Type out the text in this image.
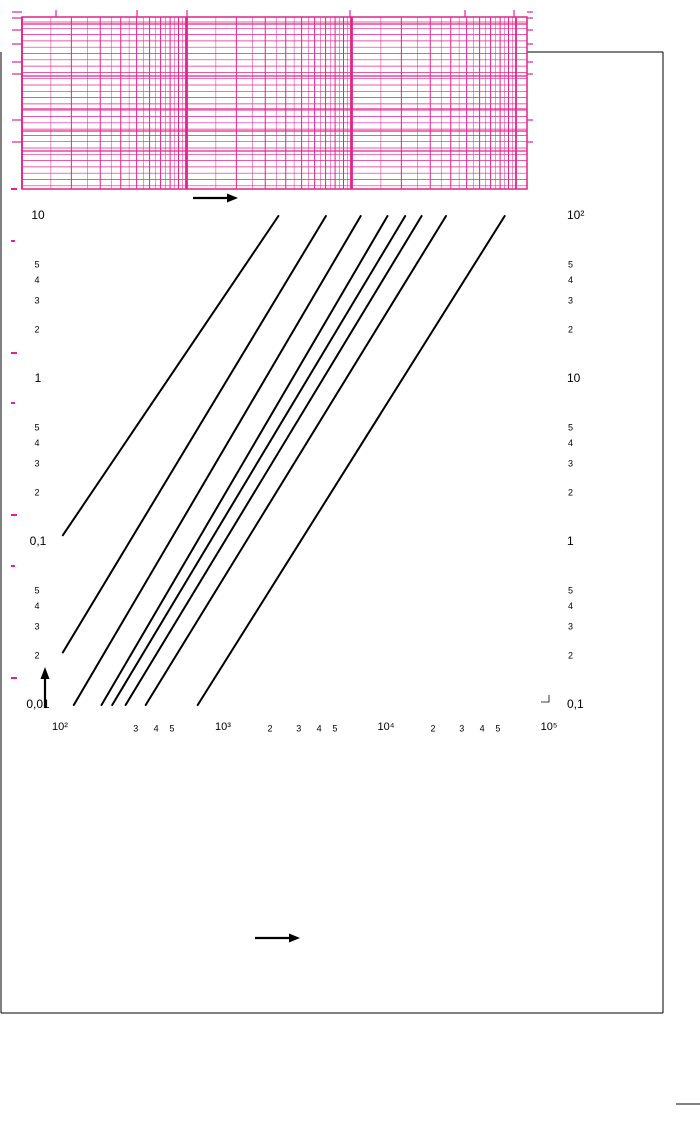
10
5
4
3
2
1
5
4
3
2
0,1
5
4
3
2
0,01
10²
5
4
3
2
10
5
4
3
2
1
5
4
3
2
0,1
10²	3 4 5	10³	2	3 4 5	10⁴	2	3 4 5	10⁵
